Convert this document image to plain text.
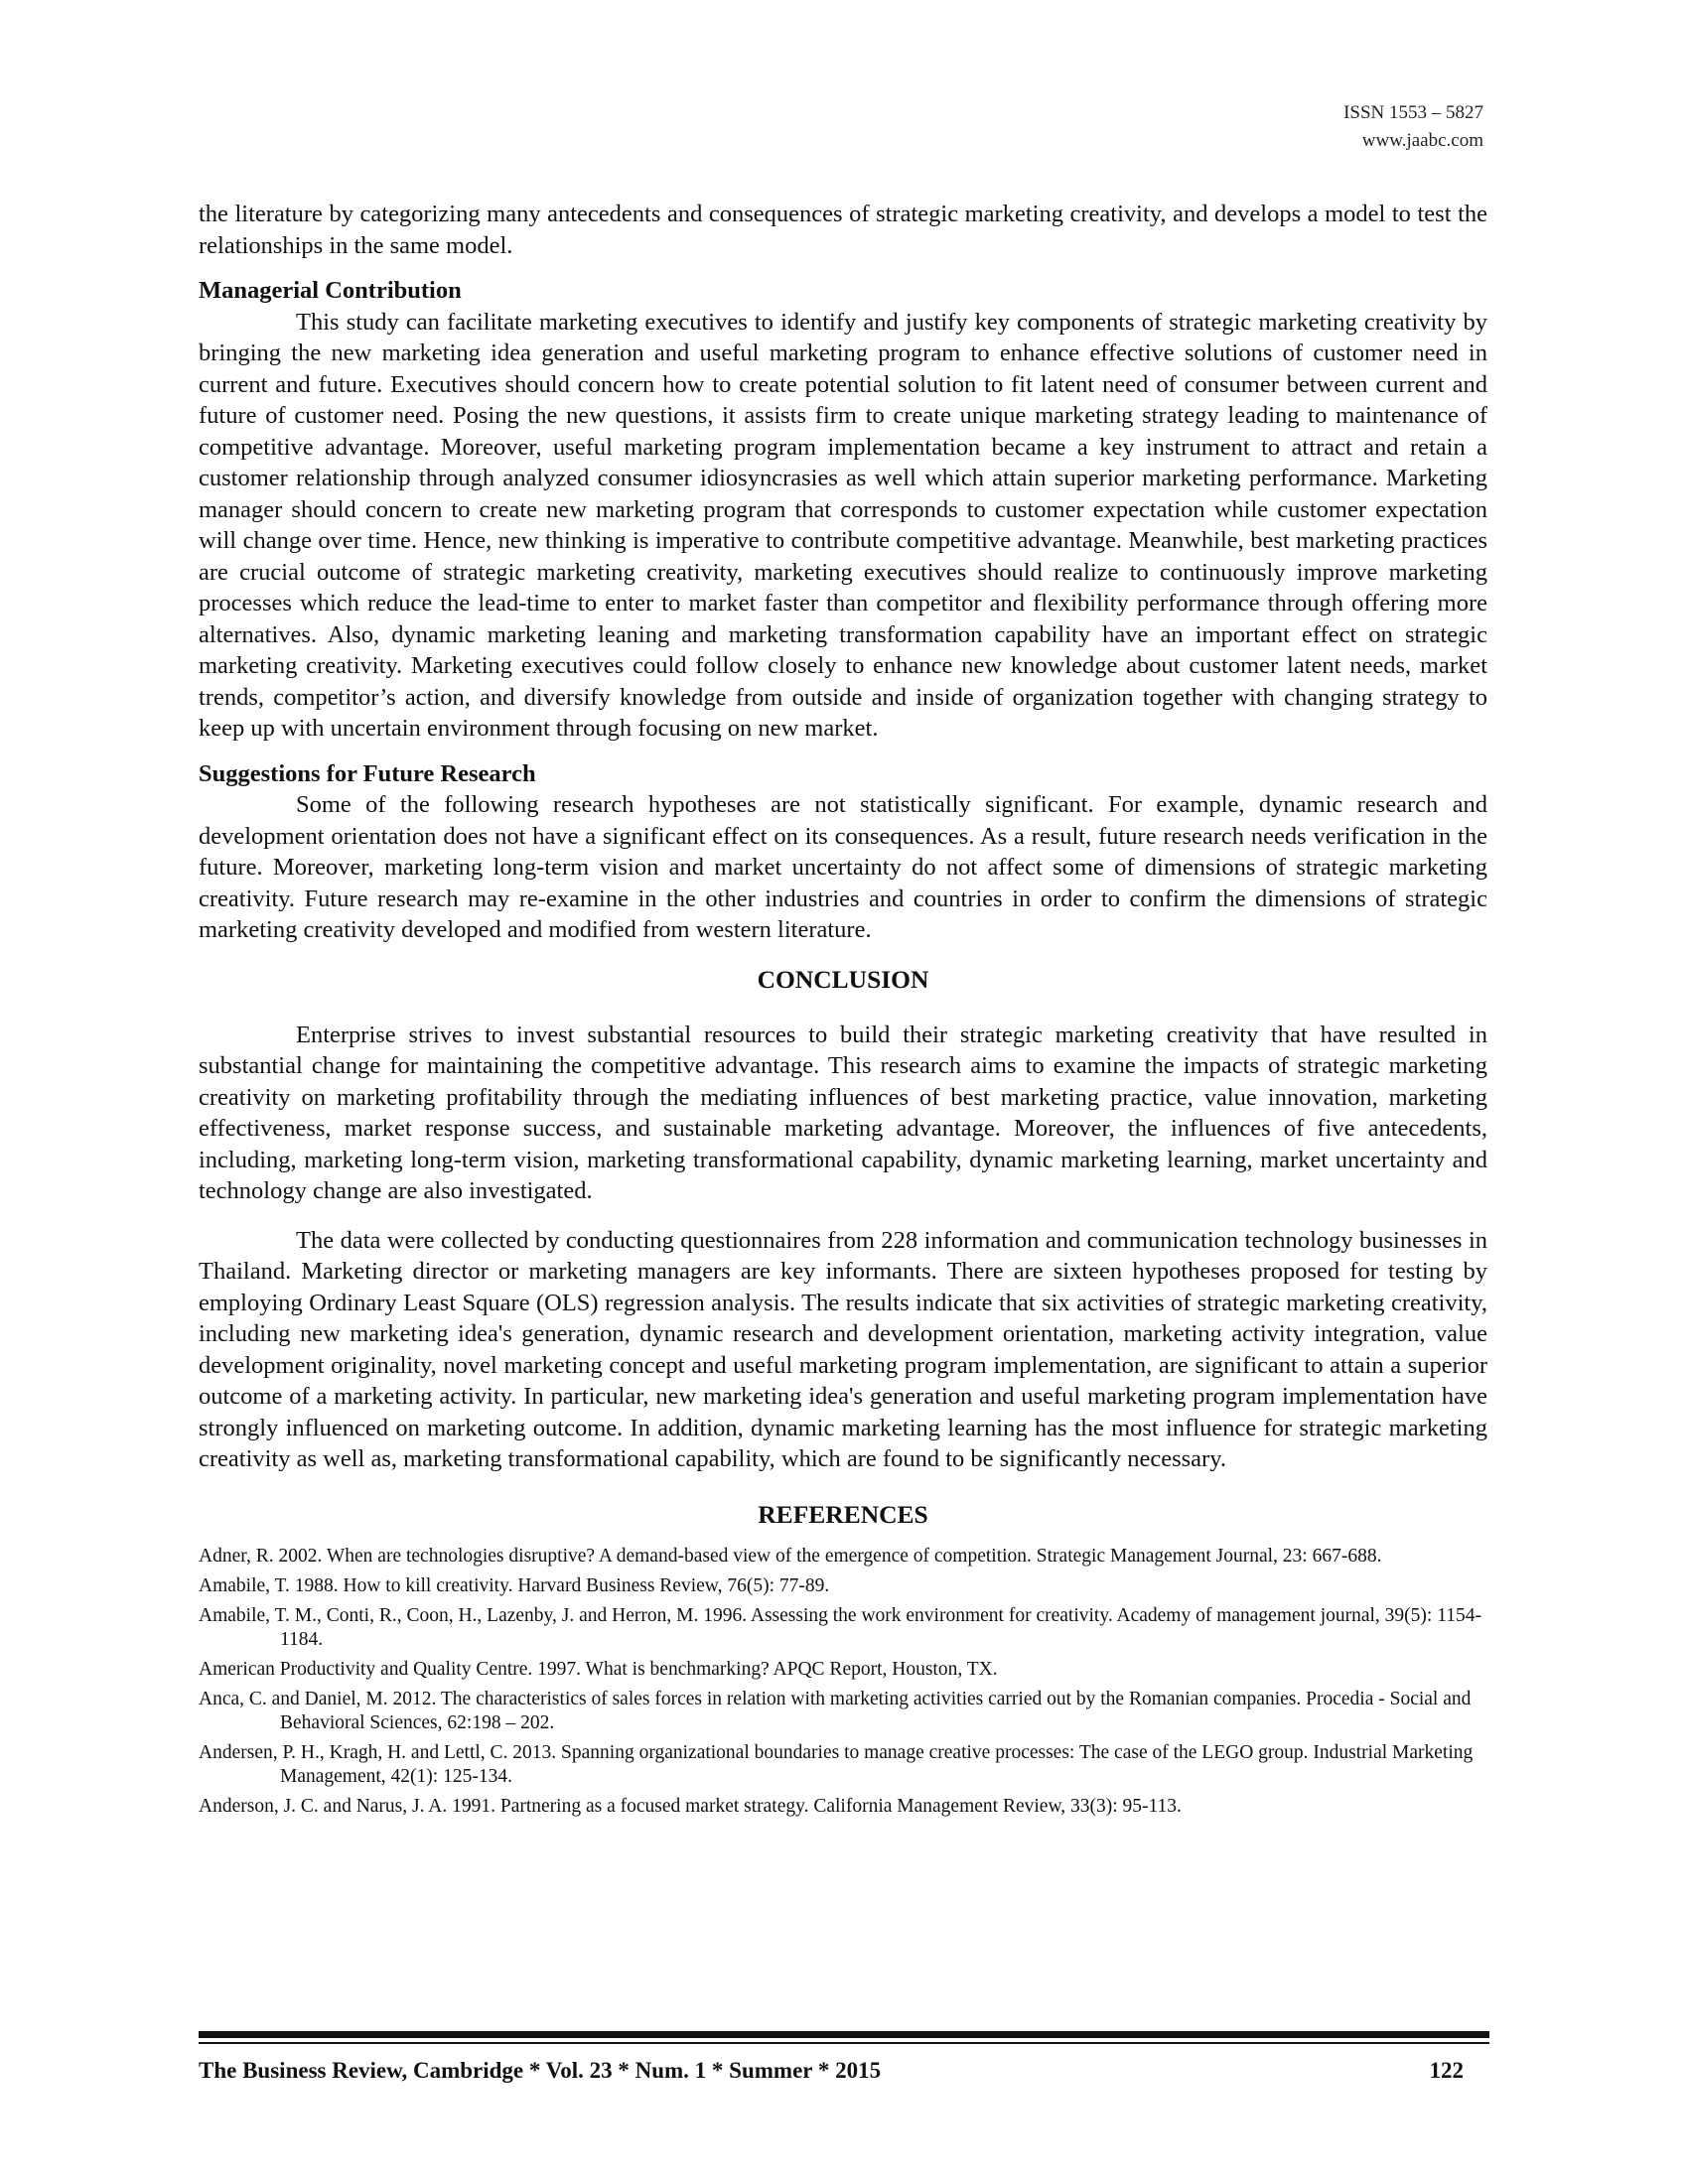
ISSN 1553 – 5827
www.jaabc.com

the literature by categorizing many antecedents and consequences of strategic marketing creativity, and develops a model to test the relationships in the same model.

Managerial Contribution

This study can facilitate marketing executives to identify and justify key components of strategic marketing creativity by bringing the new marketing idea generation and useful marketing program to enhance effective solutions of customer need in current and future. Executives should concern how to create potential solution to fit latent need of consumer between current and future of customer need. Posing the new questions, it assists firm to create unique marketing strategy leading to maintenance of competitive advantage. Moreover, useful marketing program implementation became a key instrument to attract and retain a customer relationship through analyzed consumer idiosyncrasies as well which attain superior marketing performance. Marketing manager should concern to create new marketing program that corresponds to customer expectation while customer expectation will change over time. Hence, new thinking is imperative to contribute competitive advantage. Meanwhile, best marketing practices are crucial outcome of strategic marketing creativity, marketing executives should realize to continuously improve marketing processes which reduce the lead-time to enter to market faster than competitor and flexibility performance through offering more alternatives. Also, dynamic marketing leaning and marketing transformation capability have an important effect on strategic marketing creativity. Marketing executives could follow closely to enhance new knowledge about customer latent needs, market trends, competitor’s action, and diversify knowledge from outside and inside of organization together with changing strategy to keep up with uncertain environment through focusing on new market.

Suggestions for Future Research

Some of the following research hypotheses are not statistically significant. For example, dynamic research and development orientation does not have a significant effect on its consequences. As a result, future research needs verification in the future. Moreover, marketing long-term vision and market uncertainty do not affect some of dimensions of strategic marketing creativity. Future research may re-examine in the other industries and countries in order to confirm the dimensions of strategic marketing creativity developed and modified from western literature.

CONCLUSION

Enterprise strives to invest substantial resources to build their strategic marketing creativity that have resulted in substantial change for maintaining the competitive advantage. This research aims to examine the impacts of strategic marketing creativity on marketing profitability through the mediating influences of best marketing practice, value innovation, marketing effectiveness, market response success, and sustainable marketing advantage. Moreover, the influences of five antecedents, including, marketing long-term vision, marketing transformational capability, dynamic marketing learning, market uncertainty and technology change are also investigated.

The data were collected by conducting questionnaires from 228 information and communication technology businesses in Thailand. Marketing director or marketing managers are key informants. There are sixteen hypotheses proposed for testing by employing Ordinary Least Square (OLS) regression analysis. The results indicate that six activities of strategic marketing creativity, including new marketing idea's generation, dynamic research and development orientation, marketing activity integration, value development originality, novel marketing concept and useful marketing program implementation, are significant to attain a superior outcome of a marketing activity. In particular, new marketing idea's generation and useful marketing program implementation have strongly influenced on marketing outcome. In addition, dynamic marketing learning has the most influence for strategic marketing creativity as well as, marketing transformational capability, which are found to be significantly necessary.

REFERENCES
Adner, R. 2002. When are technologies disruptive? A demand-based view of the emergence of competition. Strategic Management Journal, 23: 667-688.
Amabile, T. 1988. How to kill creativity. Harvard Business Review, 76(5): 77-89.
Amabile, T. M., Conti, R., Coon, H., Lazenby, J. and Herron, M. 1996. Assessing the work environment for creativity. Academy of management journal, 39(5): 1154-1184.
American Productivity and Quality Centre. 1997. What is benchmarking? APQC Report, Houston, TX.
Anca, C. and Daniel, M. 2012. The characteristics of sales forces in relation with marketing activities carried out by the Romanian companies. Procedia - Social and Behavioral Sciences, 62:198 – 202.
Andersen, P. H., Kragh, H. and Lettl, C. 2013. Spanning organizational boundaries to manage creative processes: The case of the LEGO group. Industrial Marketing Management, 42(1): 125-134.
Anderson, J. C. and Narus, J. A. 1991. Partnering as a focused market strategy. California Management Review, 33(3): 95-113.
The Business Review, Cambridge * Vol. 23 * Num. 1 * Summer * 2015	122
